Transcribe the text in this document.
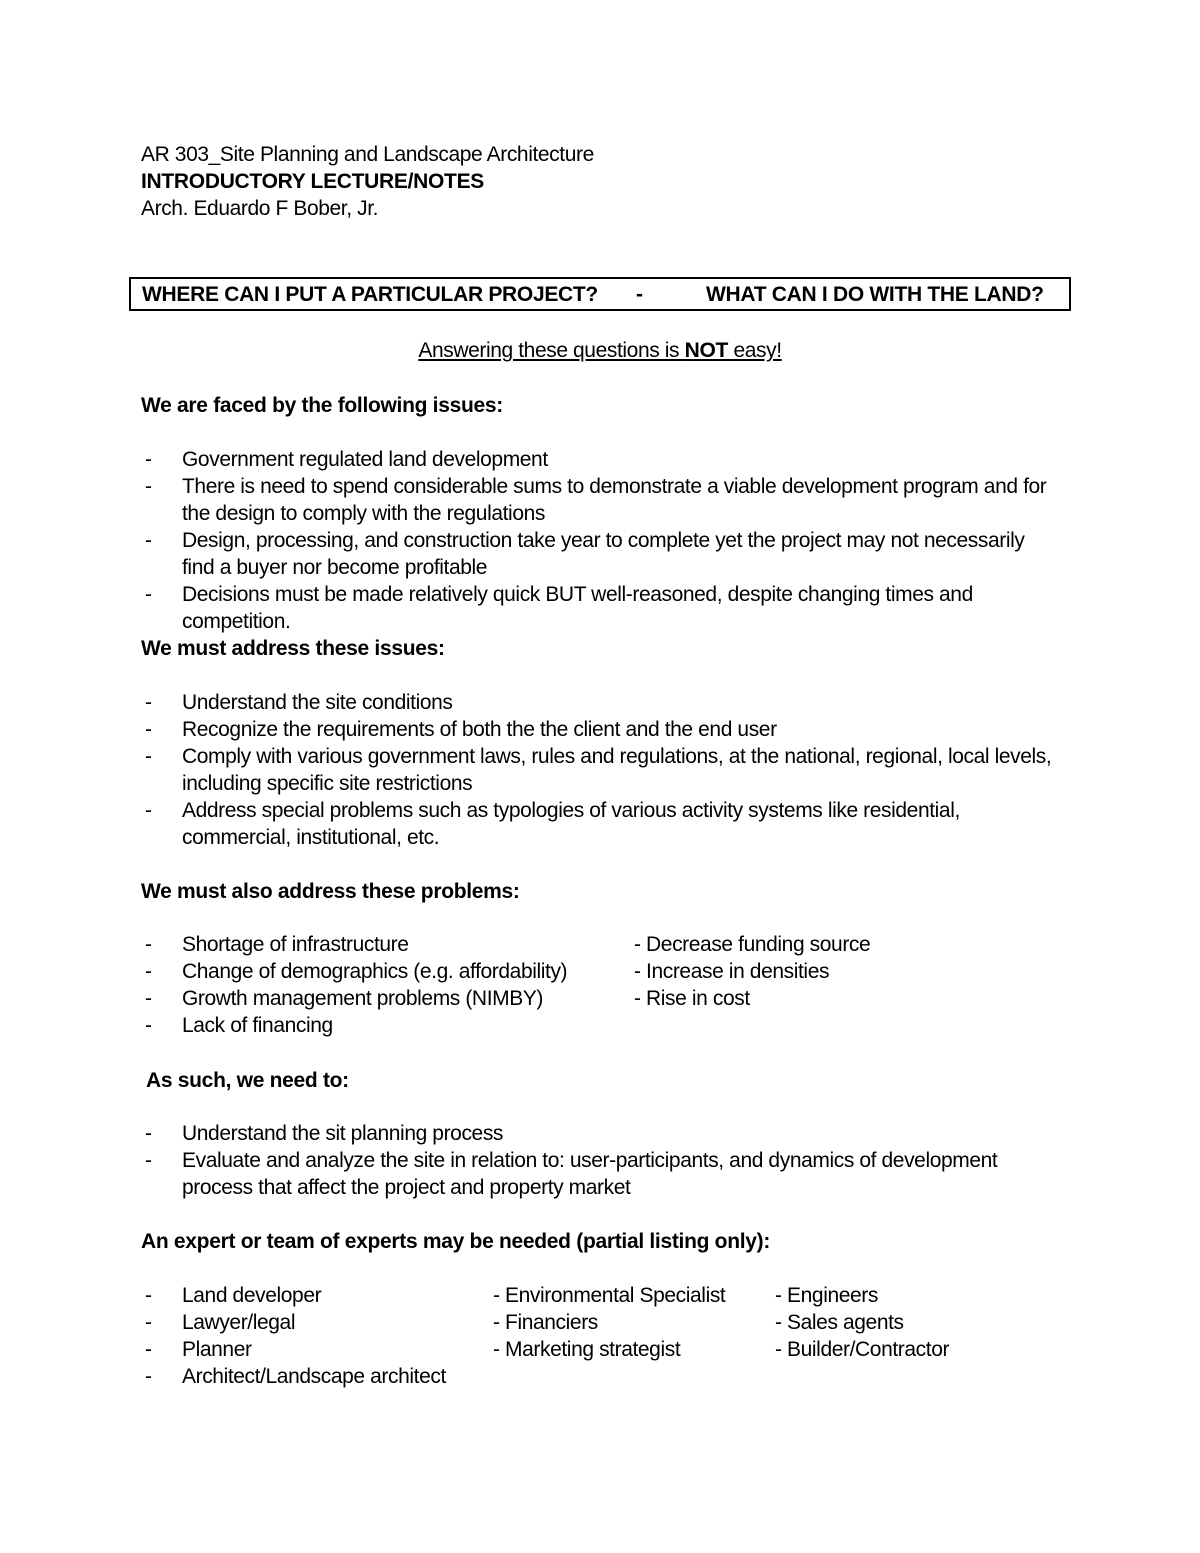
AR 303_Site Planning and Landscape Architecture
INTRODUCTORY LECTURE/NOTES
Arch. Eduardo F Bober, Jr.
WHERE CAN I PUT A PARTICULAR PROJECT? -	WHAT CAN I DO WITH THE LAND?
Answering these questions is NOT easy!
We are faced by the following issues:
- Government regulated land development
- There is need to spend considerable sums to demonstrate a viable development program and for the design to comply with the regulations
- Design, processing, and construction take year to complete yet the project may not necessarily find a buyer nor become profitable
- Decisions must be made relatively quick BUT well-reasoned, despite changing times and competition.
We must address these issues:
- Understand the site conditions
- Recognize the requirements of both the the client and the end user
- Comply with various government laws, rules and regulations, at the national, regional, local levels, including specific site restrictions
- Address special problems such as typologies of various activity systems like residential, commercial, institutional, etc.
We must also address these problems:
- Shortage of infrastructure
- Change of demographics (e.g. affordability)
- Growth management problems (NIMBY)
- Lack of financing
- Decrease funding source
- Increase in densities
- Rise in cost
As such, we need to:
- Understand the sit planning process
- Evaluate and analyze the site in relation to: user-participants, and dynamics of development process that affect the project and property market
An expert or team of experts may be needed (partial listing only):
- Land developer
- Lawyer/legal
- Planner
- Architect/Landscape architect
- Environmental Specialist
- Financiers
- Marketing strategist
- Engineers
- Sales agents
- Builder/Contractor
